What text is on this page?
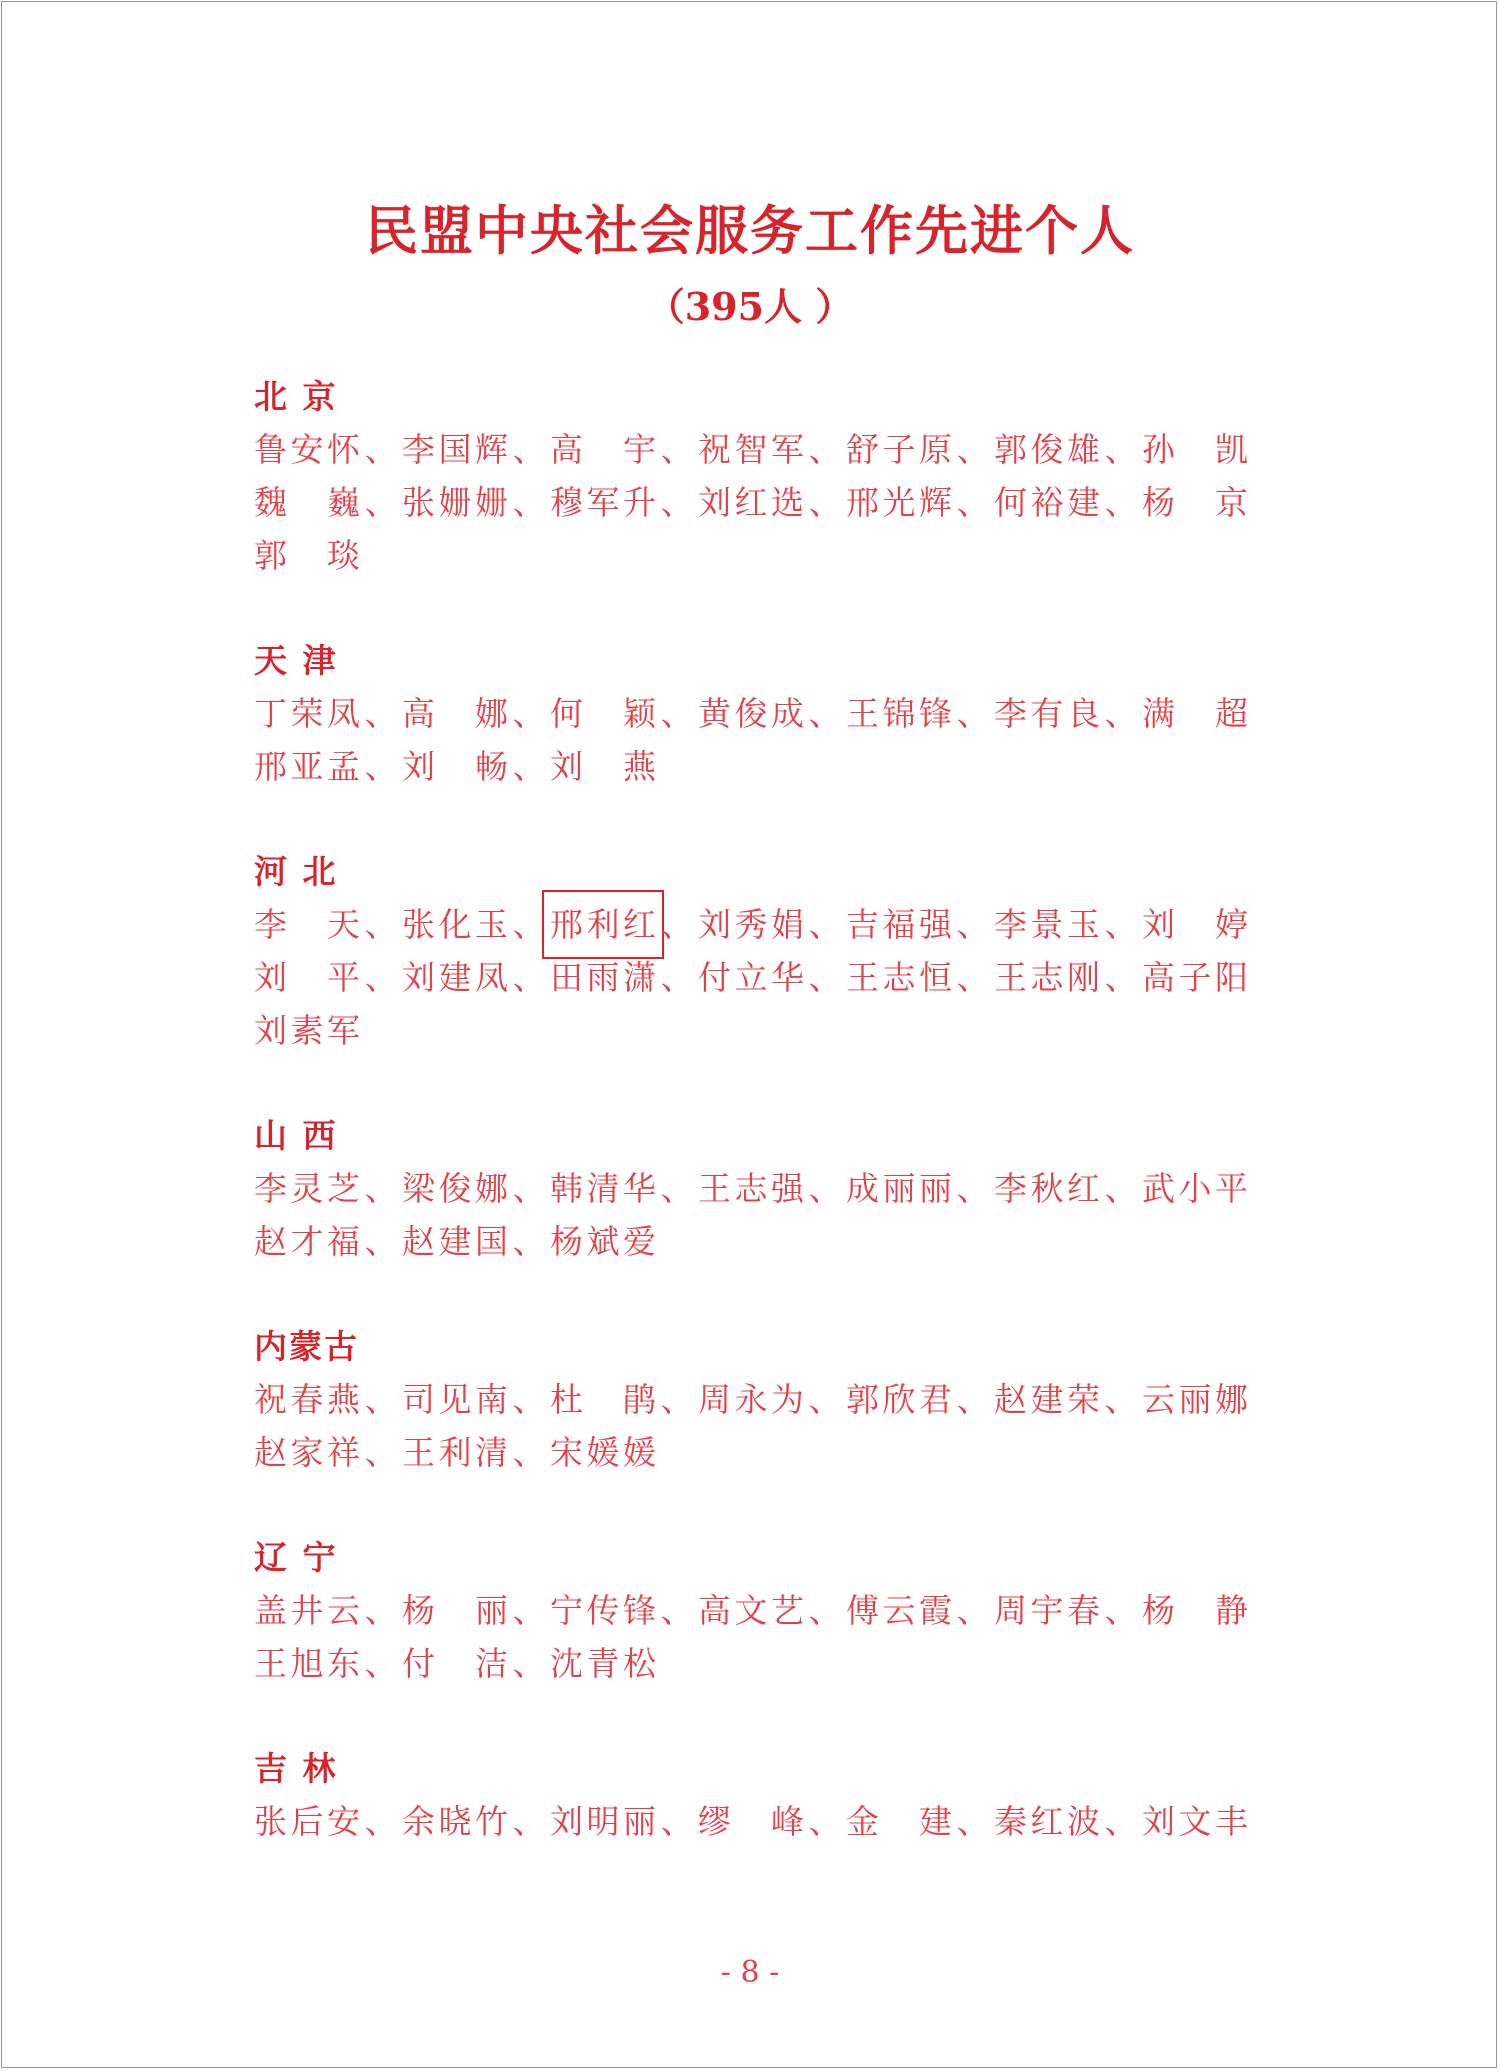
民盟中央社会服务工作先进个人
（395人 ）
北 京
鲁安怀 、 李国辉 、 高 宇 、 祝智军 、 舒子原 、 郭俊雄 、 孙 凯
魏 巍 、 张姗姗 、 穆军升 、 刘红选 、 邢光辉 、 何裕建 、 杨 京
郭 琰
天 津
丁荣凤 、 高 娜 、 何 颖 、 黄俊成 、 王锦锋 、 李有良 、 满 超
邢亚孟 、 刘 畅 、 刘 燕
河 北
李 天 、 张化玉 、 邢利红 、 刘秀娟 、 吉福强 、 李景玉 、 刘 婷
刘 平 、 刘建凤 、 田雨潇 、 付立华 、 王志恒 、 王志刚 、 高子阳
刘素军
山 西
李灵芝 、 梁俊娜 、 韩清华 、 王志强 、 成丽丽 、 李秋红 、 武小平
赵才福 、 赵建国 、 杨斌爱
内蒙古
祝春燕 、 司见南 、 杜 鹃 、 周永为 、 郭欣君 、 赵建荣 、 云丽娜
赵家祥 、 王利清 、 宋媛媛
辽 宁
盖井云 、 杨 丽 、 宁传锋 、 高文艺 、 傅云霞 、 周宇春 、 杨 静
王旭东 、 付 洁 、 沈青松
吉 林
张后安 、 余晓竹 、 刘明丽 、 缪 峰 、 金 建 、 秦红波 、 刘文丰
- 8 -
